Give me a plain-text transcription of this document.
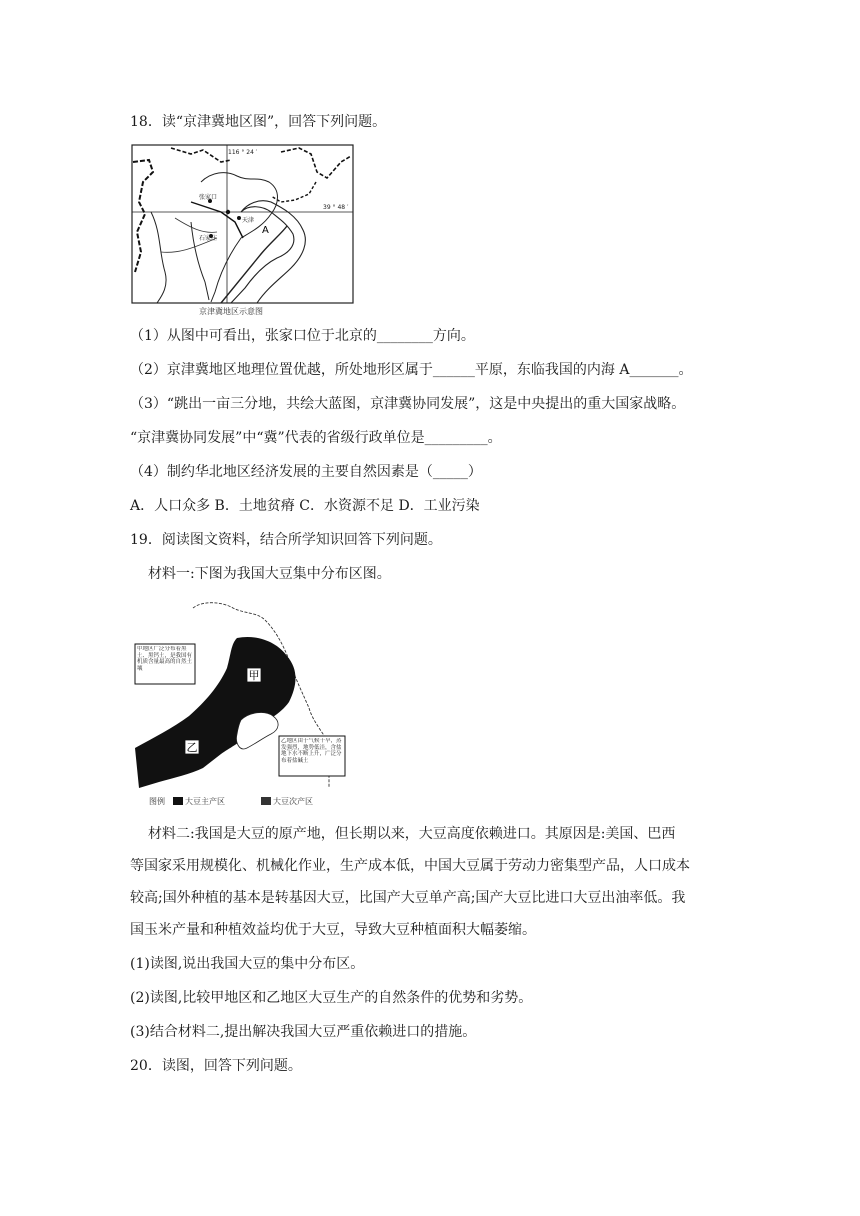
18．读“京津冀地区图”，回答下列问题。
张家口
天津
石家庄
116 ° 24 ′
39 ° 48 ′
A
京津冀地区示意图
（1）从图中可看出，张家口位于北京的________方向。
（2）京津冀地区地理位置优越，所处地形区属于______平原，东临我国的内海 A_______。
（3）“跳出一亩三分地，共绘大蓝图，京津冀协同发展”，这是中央提出的重大国家战略。
“京津冀协同发展”中“冀”代表的省级行政单位是_________。
（4）制约华北地区经济发展的主要自然因素是（_____）
A．人口众多 B．土地贫瘠 C．水资源不足 D．工业污染
19．阅读图文资料，结合所学知识回答下列问题。
材料一:下图为我国大豆集中分布区图。
甲
乙
甲地区广泛分布着黑土、黑钙土，是我国有机质含量最高的自然土壤
乙地区由于气候干旱，蒸发强烈，地势低洼，含盐地下水不断上升，广泛分布着盐碱土
图例	大豆主产区	大豆次产区
材料二:我国是大豆的原产地，但长期以来，大豆高度依赖进口。其原因是:美国、巴西
等国家采用规模化、机械化作业，生产成本低，中国大豆属于劳动力密集型产品，人口成本
较高;国外种植的基本是转基因大豆，比国产大豆单产高;国产大豆比进口大豆出油率低。我
国玉米产量和种植效益均优于大豆，导致大豆种植面积大幅萎缩。
(1)读图,说出我国大豆的集中分布区。
(2)读图,比较甲地区和乙地区大豆生产的自然条件的优势和劣势。
(3)结合材料二,提出解决我国大豆严重依赖进口的措施。
20．读图，回答下列问题。
